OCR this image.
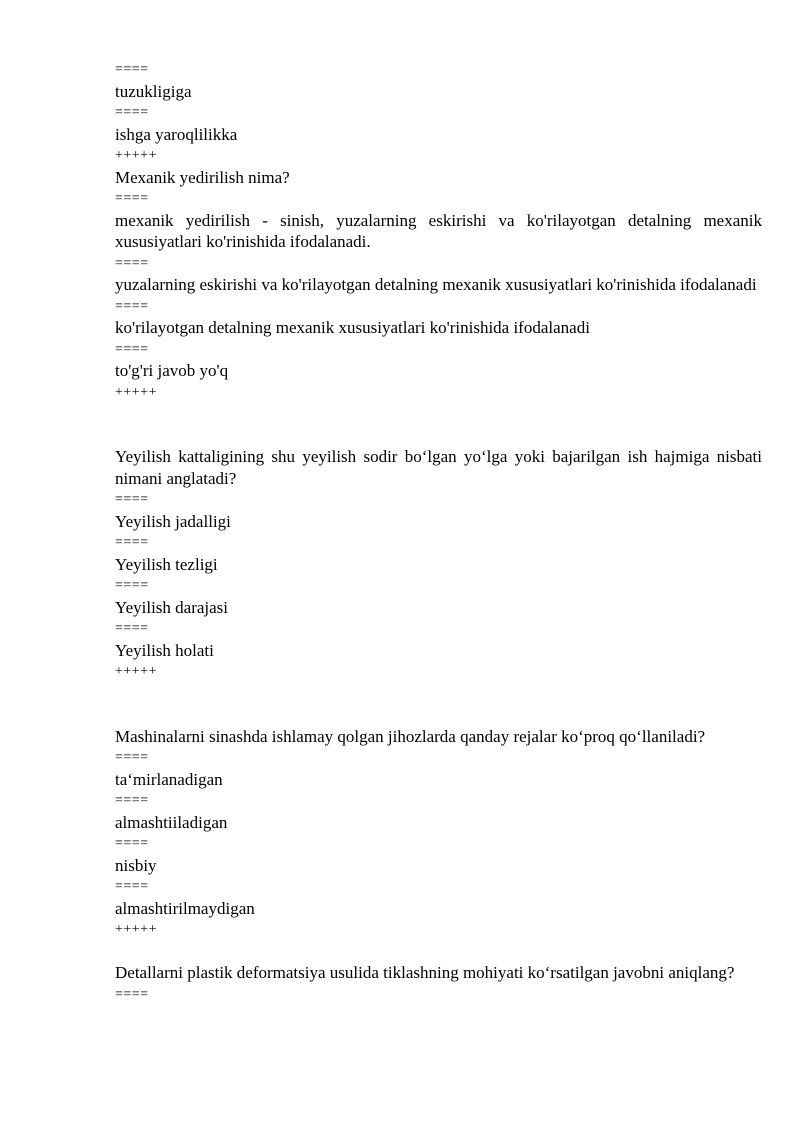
====
tuzukligiga
====
ishga yaroqlilikka
+++++
Mexanik yedirilish nima?
====
mexanik yedirilish - sinish, yuzalarning eskirishi va ko'rilayotgan detalning mexanik xususiyatlari ko'rinishida ifodalanadi.
====
yuzalarning eskirishi va ko'rilayotgan detalning mexanik xususiyatlari ko'rinishida ifodalanadi
====
ko'rilayotgan detalning mexanik xususiyatlari ko'rinishida ifodalanadi
====
to'g'ri javob yo'q
+++++
Yeyilish kattaligining shu yeyilish sodir bo‘lgan yo‘lga yoki bajarilgan ish hajmiga nisbati nimani anglatadi?
====
Yeyilish jadalligi
====
Yeyilish tezligi
====
Yeyilish darajasi
====
Yeyilish holati
+++++
Mashinalarni sinashda ishlamay qolgan jihozlarda qanday rejalar ko‘proq qo‘llaniladi?
====
ta‘mirlanadigan
====
almashtiiladigan
====
nisbiy
====
almashtirilmaydigan
+++++
Detallarni plastik deformatsiya usulida tiklashning mohiyati ko‘rsatilgan javobni aniqlang?
====
